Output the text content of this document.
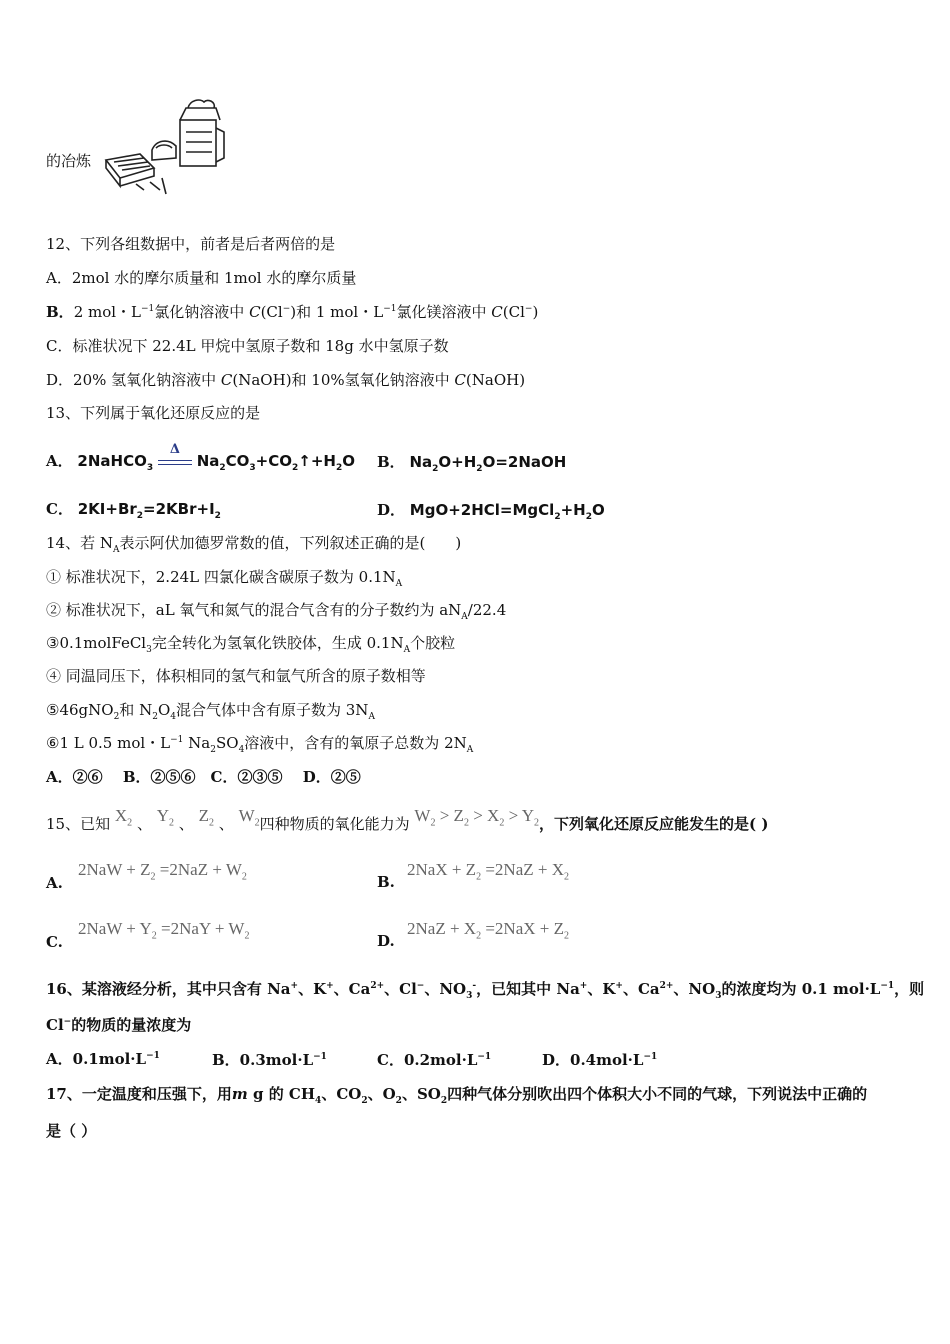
的冶炼
12、下列各组数据中，前者是后者两倍的是
A．2mol 水的摩尔质量和 1mol 水的摩尔质量
B．2 mol・$L^{-1}$氯化钠溶液中 C(Cl−)和 1 mol・$L^{-1}$氯化镁溶液中 C(Cl−)
C．标准状况下 22.4L 甲烷中氢原子数和 18g 水中氢原子数
D．20% 氢氧化钠溶液中 C(NaOH)和 10%氢氧化钠溶液中 C(NaOH)
13、下列属于氧化还原反应的是
A． 2NaHCO$_3$
Δ
$Na_2CO_3+CO_2↑+H_2O$ B． $Na_2O+H_2O=2NaOH$
C． $2KI+Br_2=2KBr+I_2$	D． $MgO+2HCl=MgCl_2+H_2O$
14、若 $N_A$表示阿伏加德罗常数的值，下列叙述正确的是(　　)
① 标准状况下，2.24L 四氯化碳含碳原子数为 $0.1N_A$
② 标准状况下，aL 氧气和氮气的混合气含有的分子数约为 $aN_A/22.4$
③0.1molFeCl$_3$完全转化为氢氧化铁胶体，生成 $0.1N_A$个胶粒
④ 同温同压下，体积相同的氢气和氩气所含的原子数相等
⑤46gNO$_2$和 $N_2O_4$混合气体中含有原子数为 $3N_A$
⑥1 L 0.5 mol・$L^{-1}$ $Na_2SO_4$溶液中，含有的氧原子总数为 $2N_A$
A．②⑥　 B．②⑤⑥　C．②③⑤　 D．②⑤
15、已知 $X_2$ 、 $Y_2$ 、 $Z_2$ 、 $W_2$四种物质的氧化能力为 $W_2 > Z_2 > X_2 > Y_2$，下列氧化还原反应能发生的是( )
A.
$2NaW + Z_2 =2NaZ + W_2$	B.
$2NaX + Z_2 =2NaZ + X_2$
C.
$2NaW + Y_2 =2NaY + W_2$	D.
$2NaZ + X_2 =2NaX + Z_2$
16、某溶液经分析，其中只含有 Na+、K+、$Ca^{2+}$、Cl−、$NO_3^-$，已知其中 Na+、K+、$Ca^{2+}$、$NO_3$的浓度均为 0.1 $mol\cdot L^{-1}$，则
Cl−的物质的量浓度为
A．$0.1mol\cdot L^{-1}$	B．$0.3mol\cdot L^{-1}$	C．$0.2mol\cdot L^{-1}$	D．$0.4mol\cdot L^{-1}$
17、一定温度和压强下，用m g 的 $CH_4$、$CO_2$、$O_2$、$SO_2$四种气体分别吹出四个体积大小不同的气球，下列说法中正确的
是（ ）
